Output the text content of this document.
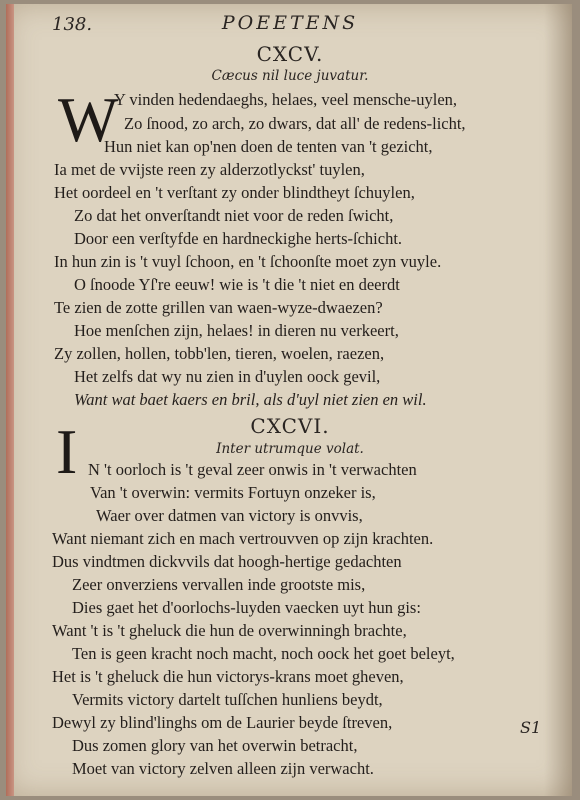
138.	POEETENS
CXCV.
Cæcus nil luce juvatur.
W
Y vinden hedendaeghs, helaes, veel mensche-uylen,
Zo ſnood, zo arch, zo dwars, dat all' de redens-licht,
Hun niet kan op'nen doen de tenten van 't gezicht,
Ia met de vvijste reen zy alderzotlyckst' tuylen,
Het oordeel en 't verſtant zy onder blindtheyt ſchuylen,
Zo dat het onverſtandt niet voor de reden ſwicht,
Door een verſtyfde en hardneckighe herts-ſchicht.
In hun zin is 't vuyl ſchoon, en 't ſchoonſte moet zyn vuyle.
O ſnoode Yſ're eeuw! wie is 't die 't niet en deerdt
Te zien de zotte grillen van waen-wyze-dwaezen?
Hoe menſchen zijn, helaes! in dieren nu verkeert,
Zy zollen, hollen, tobb'len, tieren, woelen, raezen,
Het zelfs dat wy nu zien in d'uylen oock gevil,
Want wat baet kaers en bril, als d'uyl niet zien en wil.
CXCVI.
Inter utrumque volat.
I N 't oorloch is 't geval zeer onwis in 't verwachten
Van 't overwin: vermits Fortuyn onzeker is,
Waer over datmen van victory is onvvis,
Want niemant zich en mach vertrouvven op zijn krachten.
Dus vindtmen dickvvils dat hoogh-hertige gedachten
Zeer onverziens vervallen inde grootste mis,
Dies gaet het d'oorlochs-luyden vaecken uyt hun gis:
Want 't is 't gheluck die hun de overwinningh brachte,
Ten is geen kracht noch macht, noch oock het goet beleyt,
Het is 't gheluck die hun victorys-krans moet gheven,
Vermits victory dartelt tuſſchen hunliens beydt,
Dewyl zy blind'linghs om de Laurier beyde ſtreven,
Dus zomen glory van het overwin betracht,
Moet van victory zelven alleen zijn verwacht.
S1
